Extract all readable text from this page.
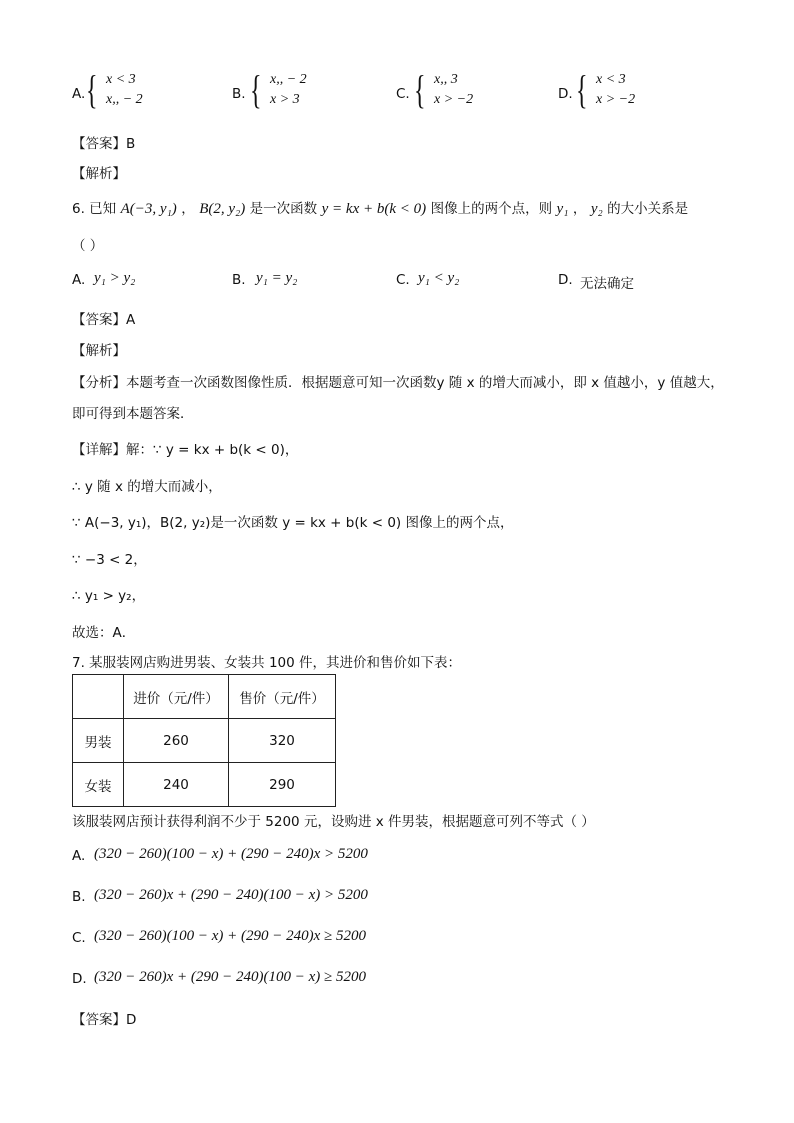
A. { x < 3
x,, − 2	B. { x,, − 2
x > 3	C. { x,, 3
x > −2	D. { x < 3
x > −2
【答案】B
【解析】
6. 已知 A(−3, y₁) ， B(2, y₂) 是一次函数 y = kx + b(k < 0) 图像上的两个点，则 y₁ ， y₂ 的大小关系是
（ ）
A. y₁ > y₂	B. y₁ = y₂	C. y₁ < y₂	D. 无法确定
【答案】A
【解析】
【分析】本题考查一次函数图像性质．根据题意可知一次函数y 随 x 的增大而减小，即 x 值越小，y 值越大，
即可得到本题答案．
【详解】解：∵ y = kx + b(k < 0)，
∴ y 随 x 的增大而减小，
∵ A(−3, y₁)，B(2, y₂)是一次函数 y = kx + b(k < 0) 图像上的两个点，
∵ −3 < 2，
∴ y₁ > y₂，
故选：A．
7. 某服装网店购进男装、女装共 100 件，其进价和售价如下表：
	进价（元/件）	售价（元/件）
男装	260	320
女装	240	290
该服装网店预计获得利润不少于 5200 元，设购进 x 件男装，根据题意可列不等式（ ）
A. (320 − 260)(100 − x) + (290 − 240)x > 5200
B. (320 − 260)x + (290 − 240)(100 − x) > 5200
C. (320 − 260)(100 − x) + (290 − 240)x ≥ 5200
D. (320 − 260)x + (290 − 240)(100 − x) ≥ 5200
【答案】D
